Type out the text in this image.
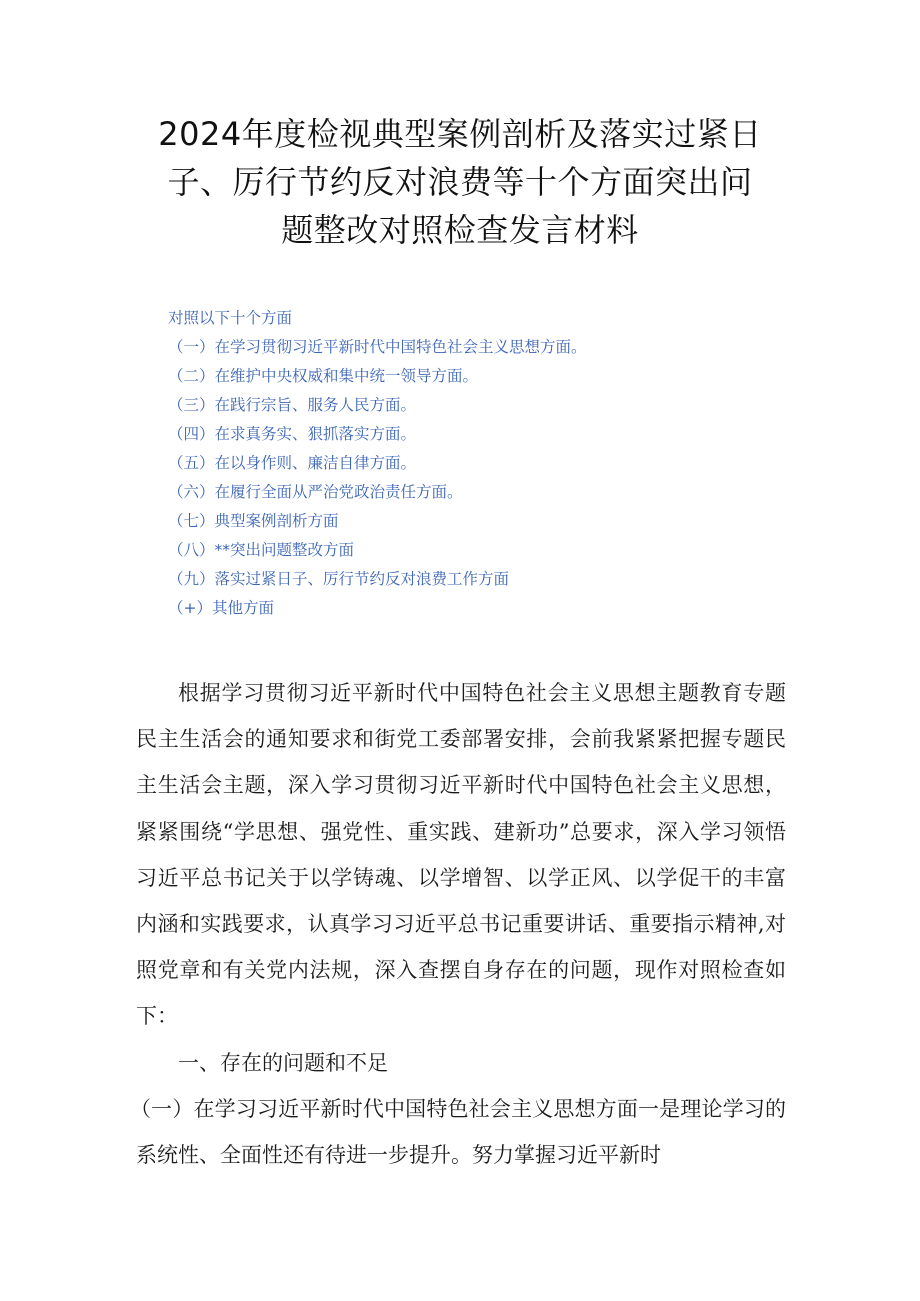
2024年度检视典型案例剖析及落实过紧日
子、厉行节约反对浪费等十个方面突出问
题整改对照检查发言材料
对照以下十个方面
（一）在学习贯彻习近平新时代中国特色社会主义思想方面。
（二）在维护中央权威和集中统一领导方面。
（三）在践行宗旨、服务人民方面。
（四）在求真务实、狠抓落实方面。
（五）在以身作则、廉洁自律方面。
（六）在履行全面从严治党政治责任方面。
（七）典型案例剖析方面
（八）**突出问题整改方面
（九）落实过紧日子、厉行节约反对浪费工作方面
（+）其他方面

根据学习贯彻习近平新时代中国特色社会主义思想主题教育专题民主生活会的通知要求和街党工委部署安排，会前我紧紧把握专题民主生活会主题，深入学习贯彻习近平新时代中国特色社会主义思想，紧紧围绕“学思想、强党性、重实践、建新功”总要求，深入学习领悟习近平总书记关于以学铸魂、以学增智、以学正风、以学促干的丰富内涵和实践要求，认真学习习近平总书记重要讲话、重要指示精神,对照党章和有关党内法规，深入查摆自身存在的问题，现作对照检查如下：

一、存在的问题和不足

（一）在学习习近平新时代中国特色社会主义思想方面一是理论学习的系统性、全面性还有待进一步提升。努力掌握习近平新时
